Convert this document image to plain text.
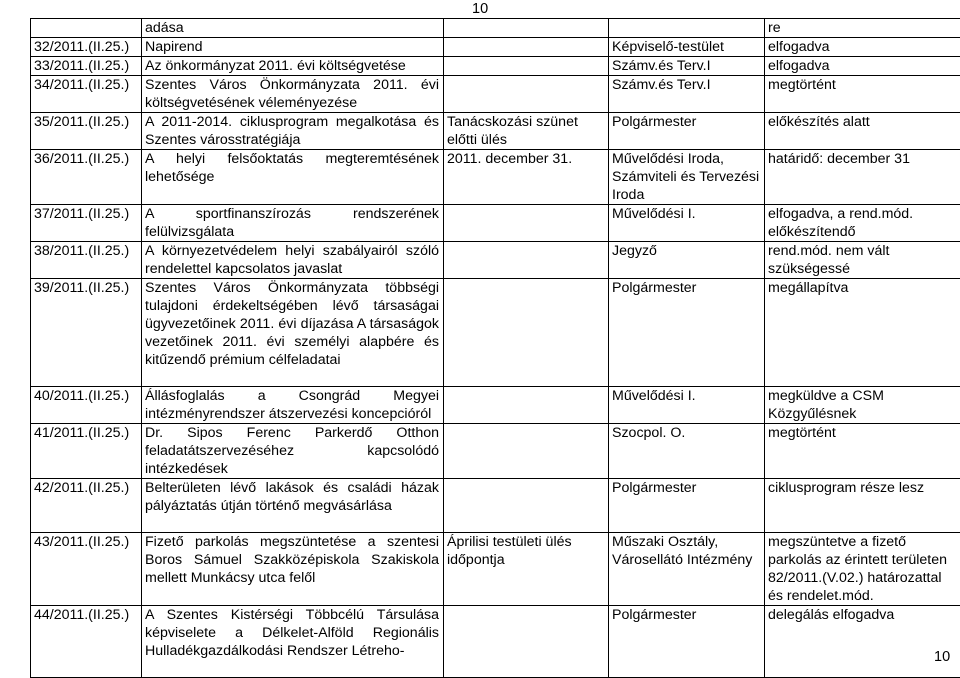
10
	adása			re
32/2011.(II.25.)	Napirend		Képviselő-testület	elfogadva
33/2011.(II.25.)	Az önkormányzat 2011. évi költségvetése		Számv.és Terv.I	elfogadva
34/2011.(II.25.)	Szentes Város Önkormányzata 2011. évi költségvetésének véleményezése		Számv.és Terv.I	megtörtént
35/2011.(II.25.)	A 2011-2014. ciklusprogram megalkotása és Szentes városstratégiája	Tanácskozási szünet előtti ülés	Polgármester	előkészítés alatt
36/2011.(II.25.)	A helyi felsőoktatás megteremtésének lehetősége	2011. december 31.	Művelődési Iroda, Számviteli és Tervezési Iroda	határidő: december 31
37/2011.(II.25.)	A sportfinanszírozás rendszerének felülvizsgálata		Művelődési I.	elfogadva, a rend.mód. előkészítendő
38/2011.(II.25.)	A környezetvédelem helyi szabályairól szóló rendelettel kapcsolatos javaslat		Jegyző	rend.mód. nem vált szükségessé
39/2011.(II.25.)	Szentes Város Önkormányzata többségi tulajdoni érdekeltségében lévő társaságai ügyvezetőinek 2011. évi díjazása A társaságok vezetőinek 2011. évi személyi alapbére és kitűzendő prémium célfeladatai		Polgármester	megállapítva
40/2011.(II.25.)	Állásfoglalás a Csongrád Megyei intézményrendszer átszervezési koncepcióról		Művelődési I.	megküldve a CSM Közgyűlésnek
41/2011.(II.25.)	Dr. Sipos Ferenc Parkerdő Otthon feladatátszervezéséhez kapcsolódó intézkedések		Szocpol. O.	megtörtént
42/2011.(II.25.)	Belterületen lévő lakások és családi házak pályáztatás útján történő megvásárlása		Polgármester	ciklusprogram része lesz
43/2011.(II.25.)	Fizető parkolás megszüntetése a szentesi Boros Sámuel Szakközépiskola Szakiskola mellett Munkácsy utca felől	Áprilisi testületi ülés időpontja	Műszaki Osztály, Városellátó Intézmény	megszüntetve a fizető parkolás az érintett területen 82/2011.(V.02.) határozattal és rendelet.mód.
44/2011.(II.25.)	A Szentes Kistérségi Többcélú Társulása képviselete a Délkelet-Alföld Regionális Hulladékgazdálkodási Rendszer Létreho-		Polgármester	delegálás elfogadva
10
